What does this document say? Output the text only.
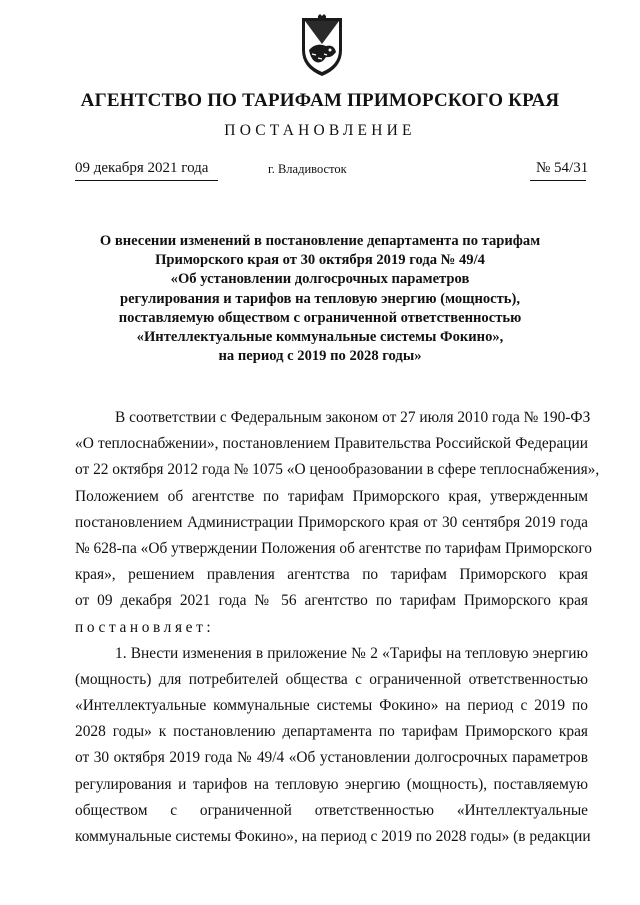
АГЕНТСТВО ПО ТАРИФАМ ПРИМОРСКОГО КРАЯ
ПОСТАНОВЛЕНИЕ
09 декабря 2021 года	г. Владивосток	№ 54/31
О внесении изменений в постановление департамента по тарифам
Приморского края от 30 октября 2019 года № 49/4
«Об установлении долгосрочных параметров
регулирования и тарифов на тепловую энергию (мощность),
поставляемую обществом с ограниченной ответственностью
«Интеллектуальные коммунальные системы Фокино»,
на период с 2019 по 2028 годы»
В соответствии с Федеральным законом от 27 июля 2010 года № 190-ФЗ
«О теплоснабжении», постановлением Правительства Российской Федерации
от 22 октября 2012 года № 1075 «О ценообразовании в сфере теплоснабжения»,
Положением об агентстве по тарифам Приморского края, утвержденным
постановлением Администрации Приморского края от 30 сентября 2019 года
№ 628-па «Об утверждении Положения об агентстве по тарифам Приморского
края», решением правления агентства по тарифам Приморского края
от 09 декабря 2021 года № 56 агентство по тарифам Приморского края
постановляет:
1. Внести изменения в приложение № 2 «Тарифы на тепловую энергию
(мощность) для потребителей общества с ограниченной ответственностью
«Интеллектуальные коммунальные системы Фокино» на период с 2019 по
2028 годы» к постановлению департамента по тарифам Приморского края
от 30 октября 2019 года № 49/4 «Об установлении долгосрочных параметров
регулирования и тарифов на тепловую энергию (мощность), поставляемую
обществом с ограниченной ответственностью «Интеллектуальные
коммунальные системы Фокино», на период с 2019 по 2028 годы» (в редакции
